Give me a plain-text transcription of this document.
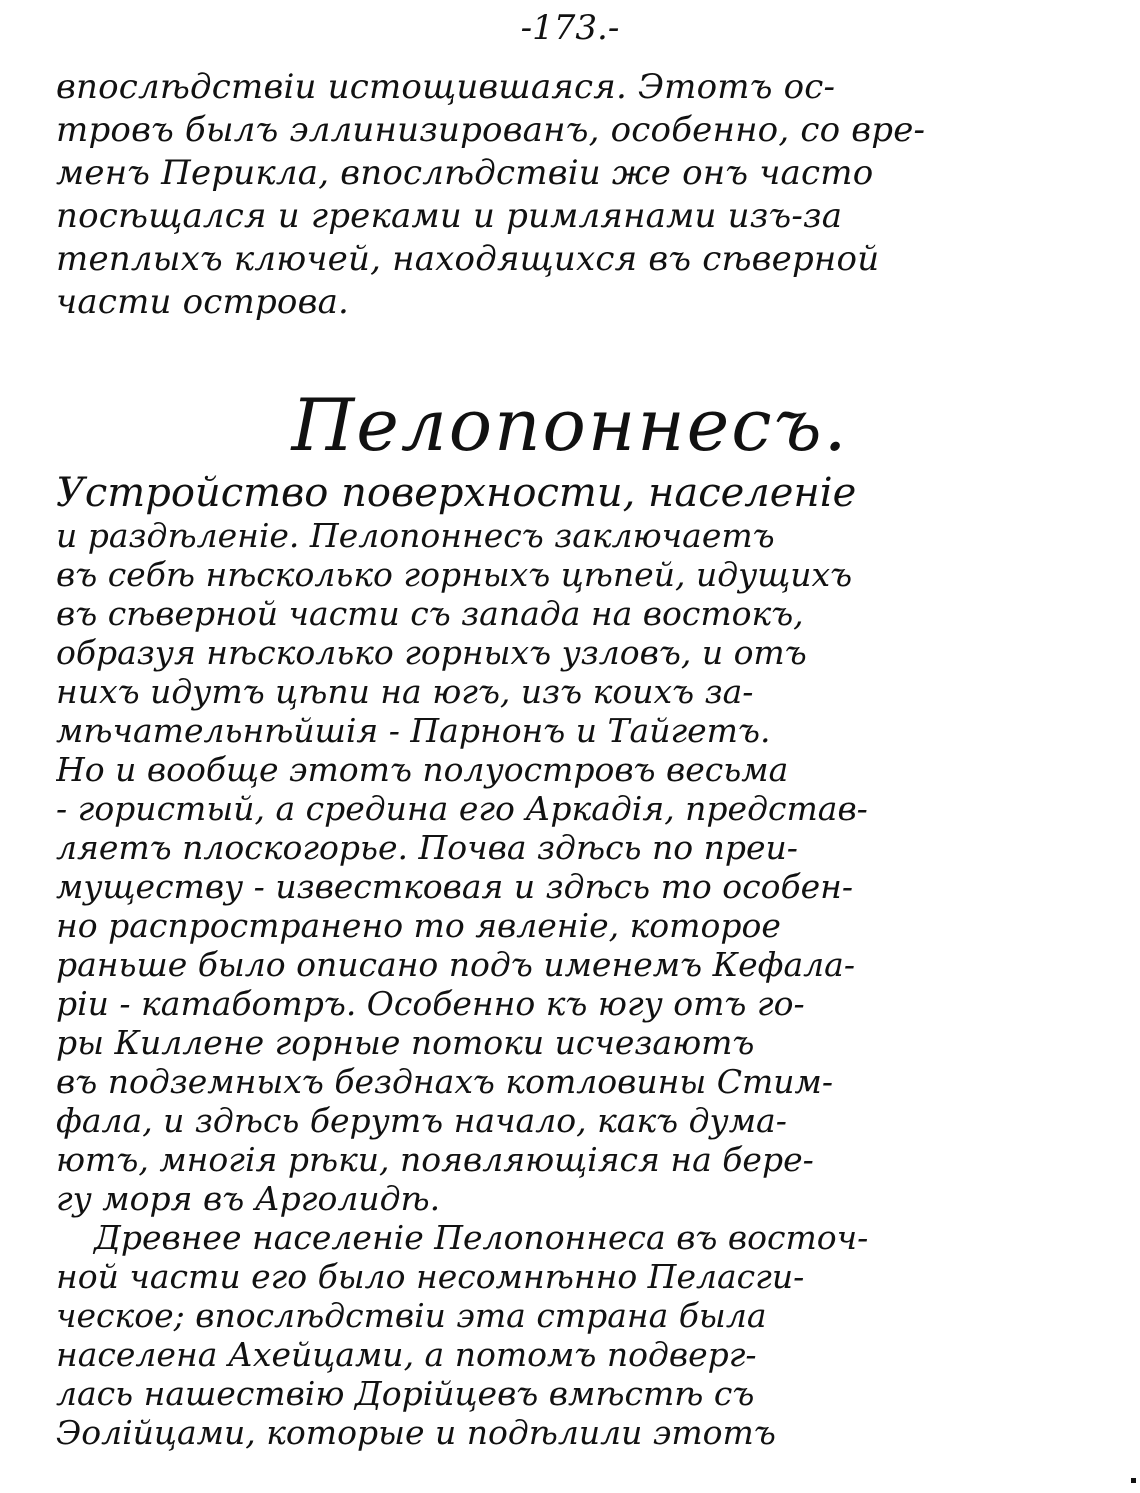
-173.-
впослѣдствіи истощившаяся. Этотъ ос-
тровъ былъ эллинизированъ, особенно, со вре-
менъ Перикла, впослѣдствіи же онъ часто
посѣщался и греками и римлянами изъ-за
теплыхъ ключей, находящихся въ сѣверной
части острова.
Пелопоннесъ.
Устройство поверхности, населеніе
и раздѣленіе. Пелопоннесъ заключаетъ
въ себѣ нѣсколько горныхъ цѣпей, идущихъ
въ сѣверной части съ запада на востокъ,
образуя нѣсколько горныхъ узловъ, и отъ
нихъ идутъ цѣпи на югъ, изъ коихъ за-
мѣчательнѣйшія - Парнонъ и Тайгетъ.
Но и вообще этотъ полуостровъ весьма
- гористый, а средина его Аркадія, представ-
ляетъ плоскогорье. Почва здѣсь по преи-
муществу - известковая и здѣсь то особен-
но распространено то явленіе, которое
раньше было описано подъ именемъ Кефала-
ріи - катаботръ. Особенно къ югу отъ го-
ры Киллене горные потоки исчезаютъ
въ подземныхъ безднахъ котловины Стим-
фала, и здѣсь берутъ начало, какъ дума-
ютъ, многія рѣки, появляющіяся на бере-
гу моря въ Арголидѣ.
Древнее населеніе Пелопоннеса въ восточ-
ной части его было несомнѣнно Пеласги-
ческое; впослѣдствіи эта страна была
населена Ахейцами, а потомъ подверг-
лась нашествію Дорійцевъ вмѣстѣ съ
Эолійцами, которые и подѣлили этотъ
